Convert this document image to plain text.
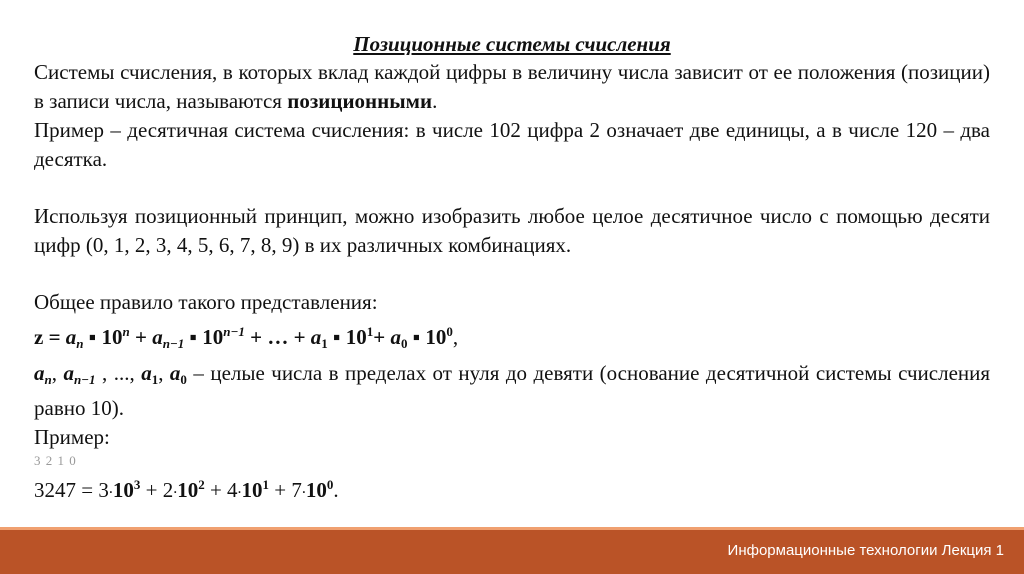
Позиционные системы счисления

Системы счисления, в которых вклад каждой цифры в величину числа зависит от ее положения (позиции) в записи числа, называются позиционными.

Пример – десятичная система счисления: в числе 102 цифра 2 означает две единицы, а в числе 120 – два десятка.

Используя позиционный принцип, можно изобразить любое целое десятичное число с помощью десяти цифр (0, 1, 2, 3, 4, 5, 6, 7, 8, 9) в их различных комбинациях.

Общее правило такого представления:

$z = a_n$ ▪ $10^n + a_{n-1}$ ▪ $10^{n-1}$ + … + $a_1$ ▪ $10^1+ a_0$ ▪ $10^0$,

$a_n$, $a_{n-1}$ , ..., $a_1$, $a_0$ – целые числа в пределах от нуля до девяти (основание десятичной системы счисления равно 10).

Пример:

3 2 1 0
$3247 = 3.10^3 + 2.10^2 + 4.10^1 + 7.10^0$.
Информационные технологии Лекция 1
